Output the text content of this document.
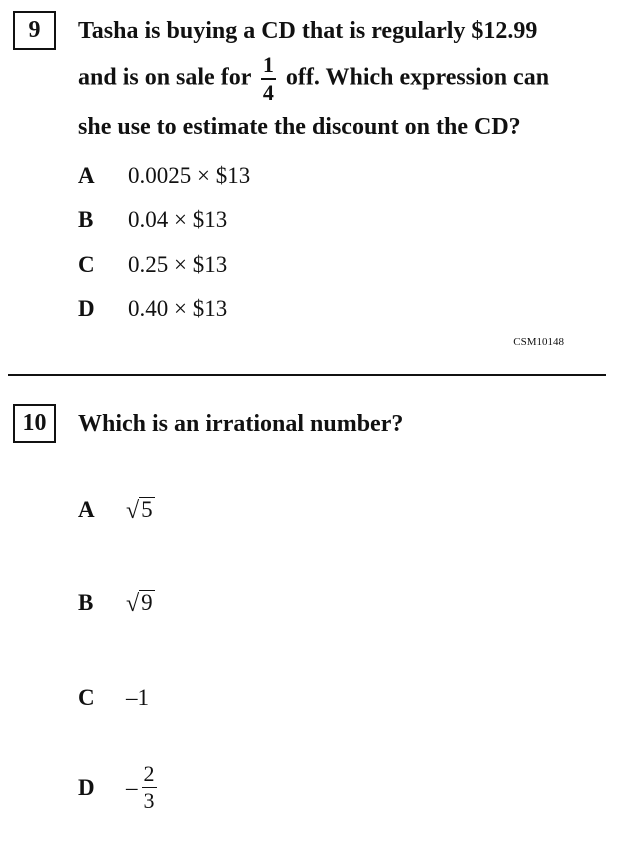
9	Tasha is buying a CD that is regularly $12.99
and is on sale for $\frac{1}{4}$ off. Which expression can
she use to estimate the discount on the CD?
A 0.0025 × $13
B 0.04 × $13
C 0.25 × $13
D 0.40 × $13
CSM10148
10	Which is an irrational number?
A	√ 5
B	√ 9
C	–1
D	– $\frac{2}{3}$
